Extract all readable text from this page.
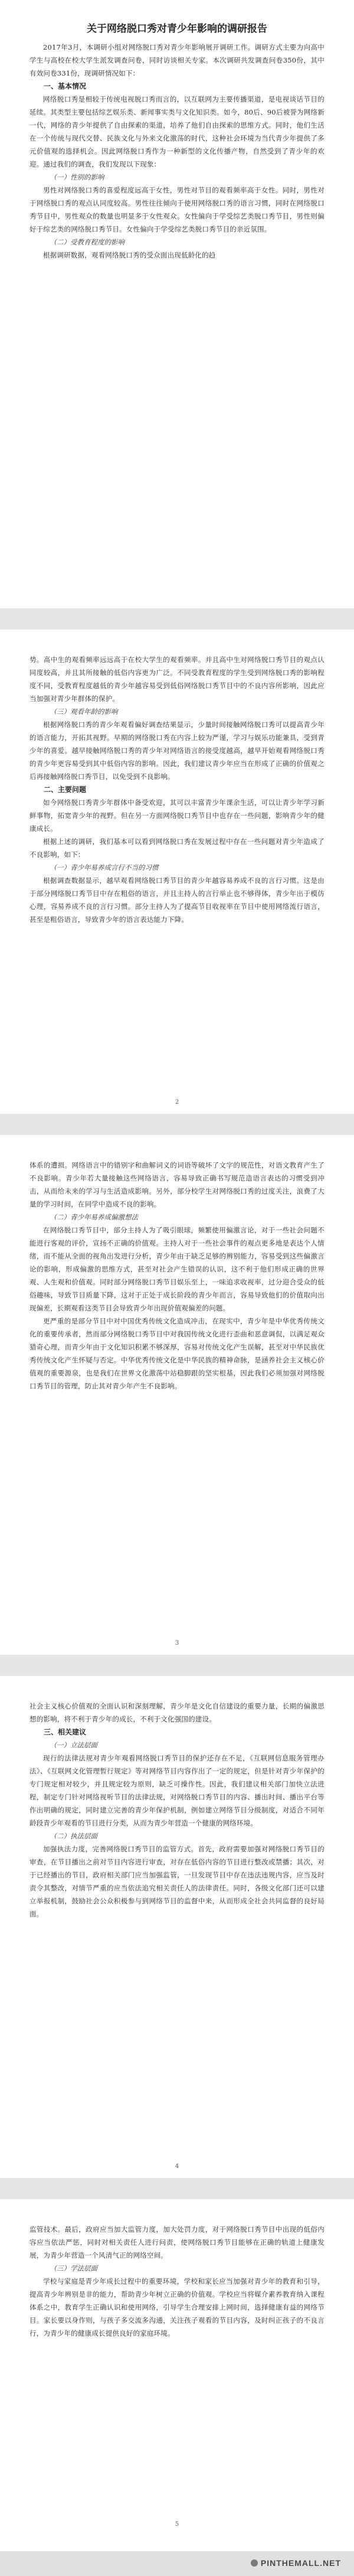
关于网络脱口秀对青少年影响的调研报告

2017年3月，本调研小组对网络脱口秀对青少年影响展开调研工作。调研方式主要为向高中学生与高校在校大学生派发调查问卷，同时访谈相关专家。本次调研共发调查问卷350份，其中有效问卷331份，现调研情况如下：

一、基本情况

网络脱口秀是相较于传统电视脱口秀而言的，以互联网为主要传播渠道，是电视谈话节目的延续。其类型主要包括综艺娱乐类、新闻事实类与文化知识类。如今，80后、90后被誉为网络新一代，网络的青少年提供了自由探索的渠道，培养了他们自由探索的思维方式。同时，他们生活在一个传统与现代交替、民族文化与外来文化激荡的时代，这种社会环境为当代青少年提供了多元价值观的选择机会。因此网络脱口秀作为一种新型的文化传播产物，自然受到了青少年的欢迎。通过我们的调查，我们发现以下现象：

（一）性别的影响

男性对网络脱口秀的喜爱程度远高于女性，男性对节目的观看频率高于女性。同时，男性对于网络脱口秀的观点认同度较高。男性往往倾向于使用网络脱口秀的语言习惯，同时在网络脱口秀节目中，男性观众的数量也明显多于女性观众。女性偏向于学受综艺类脱口秀节目，男性则偏好于综艺类的网络脱口秀节目。女性偏向于学受综艺类脱口秀节目的亲近氛围。

（二）受教育程度的影响

根据调研数据，观看网络脱口秀的受众面出现低龄化的趋

势。高中生的观看频率远远高于在校大学生的观看频率。并且高中生对网络脱口秀节目的观点认同度较高，并且其所接触的低俗内容更为广泛。不同受教育程度的学生受到网络脱口秀的影响程度不同，受教育程度越低的青少年越容易受到低俗网络脱口秀节目中的不良内容所影响，因此应当加强对青少年群体的保护。

（三）观看年龄的影响

根据网络脱口秀的青少年观看偏好调查结果显示，少量时间接触网络脱口秀可以提高青少年的语言能力，开拓其视野。早期的网络脱口秀在内容上较为严谨，学习与娱乐功能兼具，受到青少年的喜爱。越早接触网络脱口秀的青少年对网络语言的接受度越高，越早开始观看网络脱口秀的青少年更容易受到其中低俗内容的影响。因此，我们建议青少年应当在形成了正确的价值观之后再接触网络脱口秀节目，以免受到不良影响。

二、主要问题

如今网络脱口秀青少年群体中备受欢迎，其可以丰富青少年课余生活，可以让青少年学习新鲜事物，拓宽青少年的视野。但在另一方面网络脱口秀节目中也存在一些问题，影响青少年的健康成长。

根据上述的调研，我们基本可以看到网络脱口秀在发展过程中存在一些问题对青少年造成了不良影响，如下：

（一）青少年易养成言行不当的习惯

根据调查数据显示，越早观看网络脱口秀节目的青少年越容易养成不良的言行习惯。这是由于部分网络脱口秀节目中存在粗俗的语言，并且主持人的言行举止也不够得体，青少年出于模仿心理，容易养成不良的言行习惯。部分主持人为了提高节目收视率在节目中使用网络流行语言，甚至是粗俗语言，导致青少年的语言表达能力下降。

2

体系的遭损。网络语言中的错别字和曲解词义的词语等破坏了文字的规范性，对语文教育产生了不良影响。青少年若大量接触这些网络语言，容易导致正确书写规范造语言表达的习惯受到冲击，从而给未来的学习与生活造成影响。另外，部分校学生对网络脱口秀的过度关注，浪费了大量的学习时间，在同学中造成不良的影响。

（二）青少年易养成偏激想法

在网络脱口秀节目中，部分主持人为了吸引眼球，频繁使用偏激言论，对于一些社会问题不能进行客观的评价，宣扬不正确的价值观。主持人对于一些社会事件的观点更多地是表达个人情绪，而不能从全面的视角出发进行分析，青少年由于缺乏足够的辨别能力，容易受到这些偏激言论的影响，形成偏激的思维方式，甚至对社会产生错误的认识，这不利于他们形成正确的世界观、人生观和价值观。同时部分网络脱口秀节目娱乐至上，一味追求收视率，过分迎合受众的低俗趣味，导致节目质量下降，这对于正处于成长阶段的青少年而言，容易导致他们的价值取向出现偏差，长期观看这类节目会导致青少年出现价值观偏差的问题。

更严重的是部分节目中对中国优秀传统文化造成冲击，在现实中，青少年是中华优秀传统文化的重要传承者，然而部分网络脱口秀节目中对我国传统文化进行歪曲和恶意调侃，以满足观众猎奇心理，而青少年由于文化知识积累不够深厚，容易对传统文化产生误解，甚至对中华民族优秀传统文化产生怀疑与否定。中华优秀传统文化是中华民族的精神命脉，是涵养社会主义核心价值观的重要源泉，也是我们在世界文化激荡中站稳脚跟的坚实根基，因此我们必须加强对网络脱口秀节目的管理，防止其对青少年产生不良影响。

3

社会主义核心价值观的全面认识和深刻理解，青少年是文化自信建设的重要力量，长期的偏激思想的影响，将不利于青少年的成长，不利于文化强国的建设。

三、相关建议
（一）立法层面

现行的法律法规对青少年观看网络脱口秀节目的保护还存在不足，《互联网信息服务管理办法》、《互联网文化管理暂行规定》等对网络节目内容作出了一定的规定，但是针对青少年保护的专门规定相对较少，并且规定较为原则，缺乏可操作性。因此，我们建议相关部门加快立法进程，制定专门针对网络视听节目的法律法规，对网络脱口秀节目的内容、播出时间、播出平台等作出明确的规定，同时建立完善的青少年保护机制，例如建立网络节目分级制度，对适合不同年龄段青少年观看的节目进行分类，从而为青少年营造一个健康的网络环境。

（二）执法层面

加强执法力度，完善网络脱口秀节目的监管方式。首先，政府需要加强对网络脱口秀节目的审查，在节目播出之前对节目内容进行审查，对存在低俗内容的节目进行整改或禁播；其次，对于已经播出的节目，政府相关部门应当加强监管，一旦发现节目中存在违法违规内容，应当及时责令其整改，对情节严重的应当依法追究相关责任人的法律责任。同时，各级文化部门还可以建立举报机制，鼓励社会公众积极参与到网络节目的监督中来，从而形成全社会共同监督的良好局面。

4

监管技术。最后，政府应当加大监管力度，加大处罚力度，对于网络脱口秀节目中出现的低俗内容应当依法严惩，同时对相关责任人进行问责，使网络脱口秀节目能够在正确的轨道上健康发展，为青少年营造一个风清气正的网络空间。

（三）学法层面

学校与家庭是青少年成长过程中的重要环境，学校和家长应当加强对青少年的教育和引导，提高青少年辨别是非的能力，帮助青少年树立正确的价值观。学校应当将媒介素养教育纳入课程体系之中，教育学生正确认识和使用网络，引导学生合理安排上网时间，选择健康有益的网络节目。家长要以身作则，与孩子多交流多沟通，关注孩子观看的节目内容，及时纠正孩子的不良言行，为青少年的健康成长提供良好的家庭环境。

5
PINTHEMALL.NET
